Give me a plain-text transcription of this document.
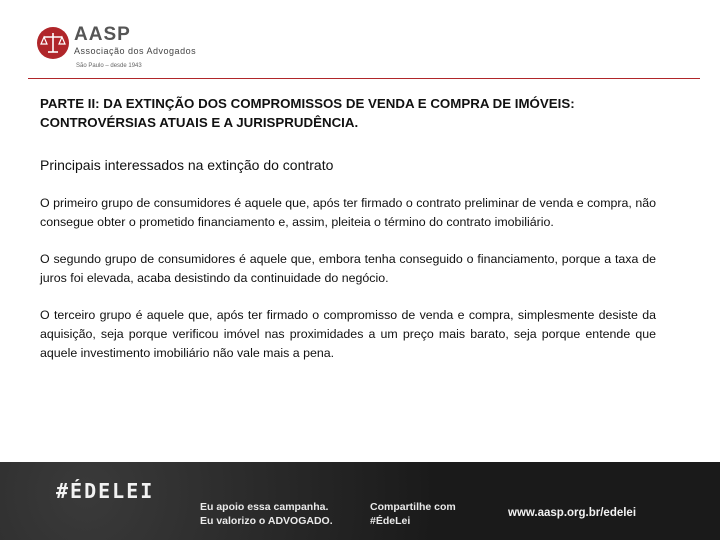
AASP
Associação dos Advogados
São Paulo – desde 1943

PARTE II: DA EXTINÇÃO DOS COMPROMISSOS DE VENDA E COMPRA DE IMÓVEIS:
CONTROVÉRSIAS ATUAIS E A JURISPRUDÊNCIA.

Principais interessados na extinção do contrato

O primeiro grupo de consumidores é aquele que, após ter firmado o contrato preliminar de venda e compra, não consegue obter o prometido financiamento e, assim, pleiteia o término do contrato imobiliário.

O segundo grupo de consumidores é aquele que, embora tenha conseguido o financiamento, porque a taxa de juros foi elevada, acaba desistindo da continuidade do negócio.

O terceiro grupo é aquele que, após ter firmado o compromisso de venda e compra, simplesmente desiste da aquisição, seja porque verificou imóvel nas proximidades a um preço mais barato, seja porque entende que aquele investimento imobiliário não vale mais a pena.

#ÉDELEI
Eu apoio essa campanha.
Eu valorizo o ADVOGADO.
Compartilhe com
#ÉdeLei
www.aasp.org.br/edelei
